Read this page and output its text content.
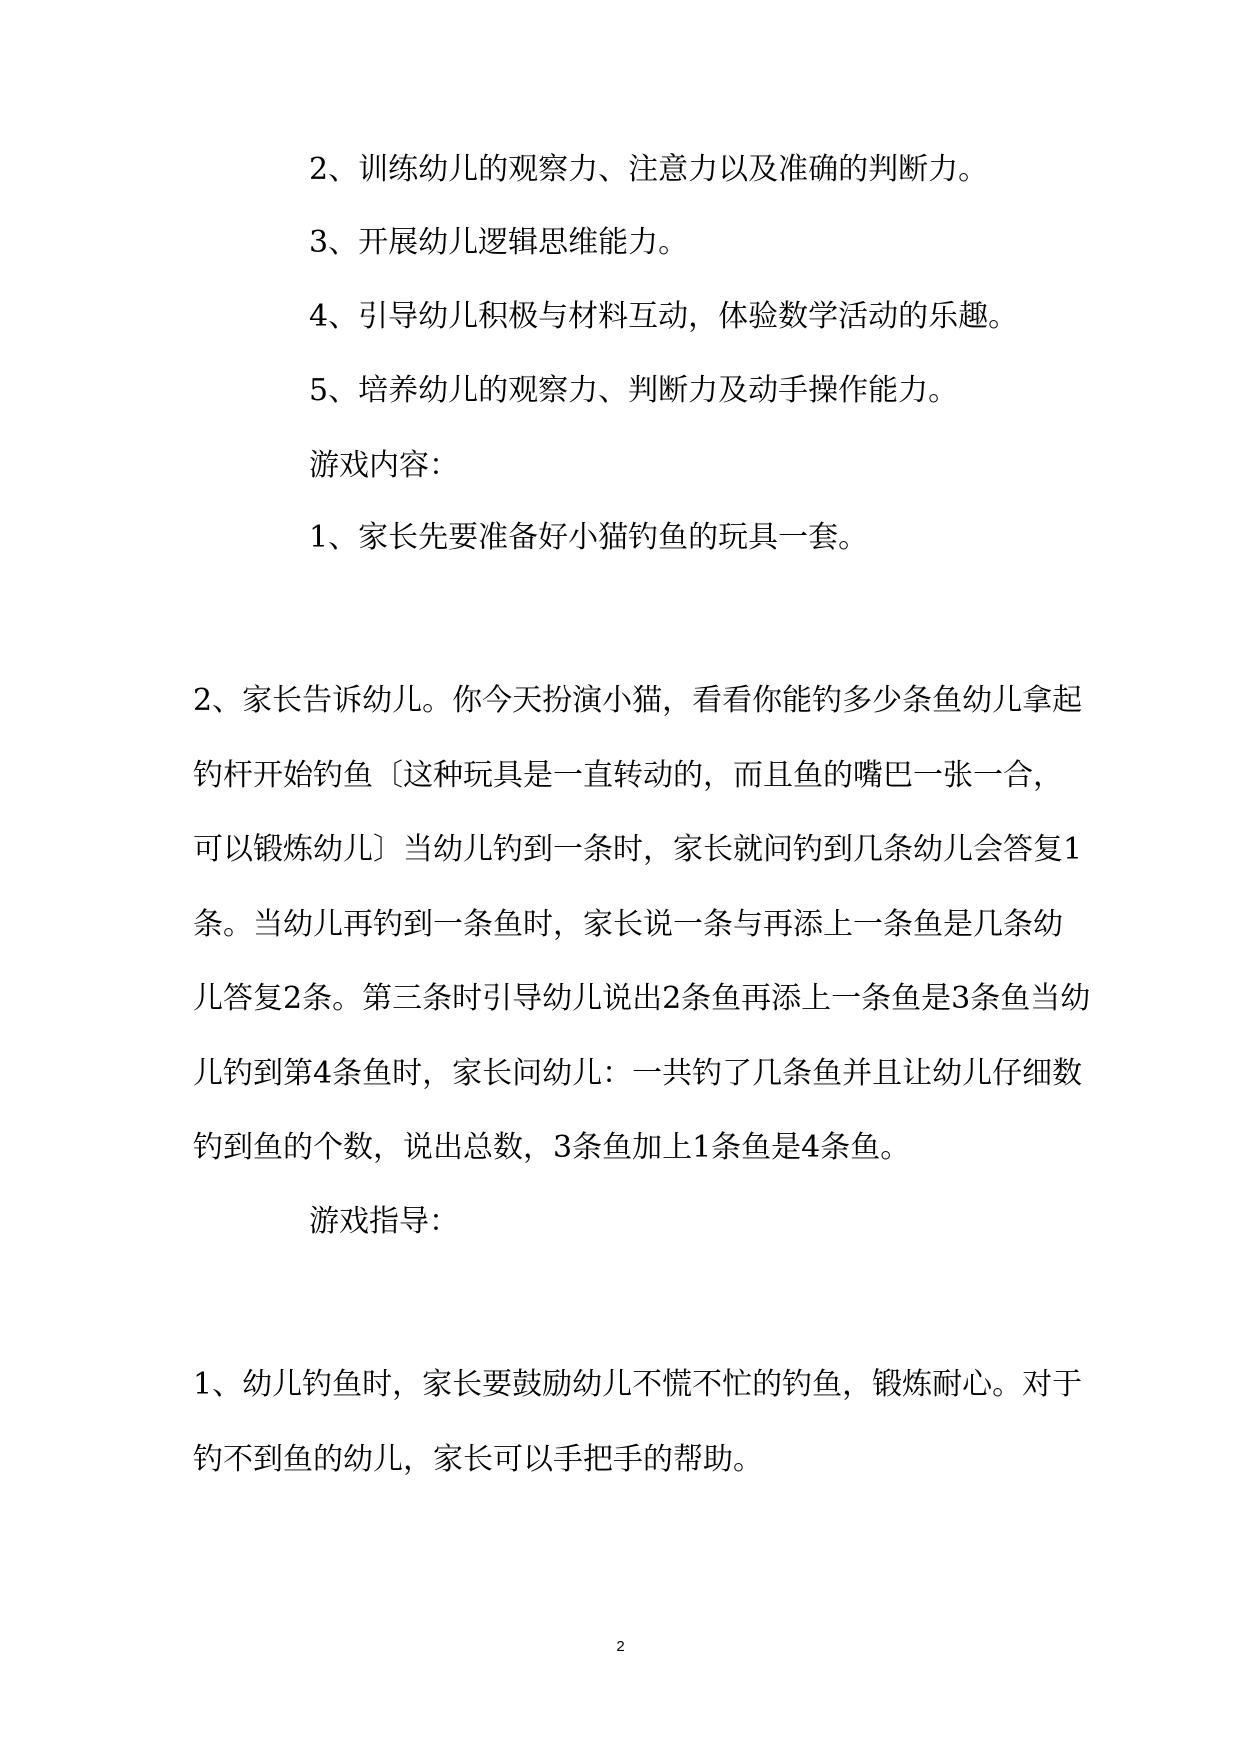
2、训练幼儿的观察力、注意力以及准确的判断力。

3、开展幼儿逻辑思维能力。

4、引导幼儿积极与材料互动，体验数学活动的乐趣。

5、培养幼儿的观察力、判断力及动手操作能力。

游戏内容：

1、家长先要准备好小猫钓鱼的玩具一套。

2、家长告诉幼儿。你今天扮演小猫，看看你能钓多少条鱼幼儿拿起

钓杆开始钓鱼〔这种玩具是一直转动的，而且鱼的嘴巴一张一合，

可以锻炼幼儿〕当幼儿钓到一条时，家长就问钓到几条幼儿会答复1

条。当幼儿再钓到一条鱼时，家长说一条与再添上一条鱼是几条幼

儿答复2条。第三条时引导幼儿说出2条鱼再添上一条鱼是3条鱼当幼

儿钓到第4条鱼时，家长问幼儿：一共钓了几条鱼并且让幼儿仔细数

钓到鱼的个数，说出总数，3条鱼加上1条鱼是4条鱼。

游戏指导：

1、幼儿钓鱼时，家长要鼓励幼儿不慌不忙的钓鱼，锻炼耐心。对于

钓不到鱼的幼儿，家长可以手把手的帮助。

2
